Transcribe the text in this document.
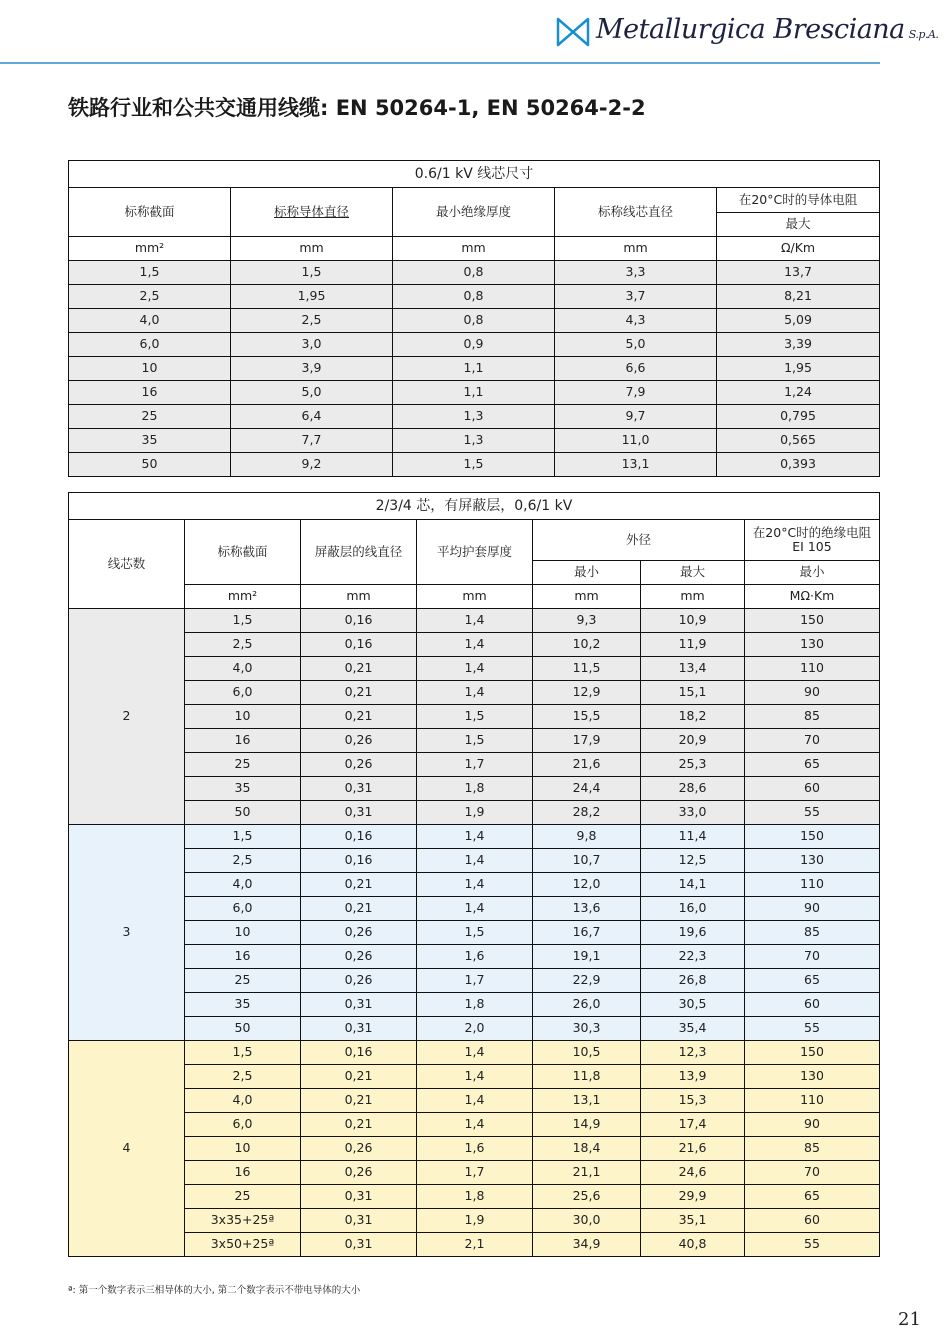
Metallurgica Bresciana S.p.A.
铁路行业和公共交通用线缆: EN 50264-1, EN 50264-2-2
0.6/1 kV 线芯尺寸				
标称截面	标称导体直径	最小绝缘厚度	标称线芯直径	在20°C时的导体电阻
				最大
mm²	mm	mm	mm	Ω/Km
1,5	1,5	0,8	3,3	13,7
2,5	1,95	0,8	3,7	8,21
4,0	2,5	0,8	4,3	5,09
6,0	3,0	0,9	5,0	3,39
10	3,9	1,1	6,6	1,95
16	5,0	1,1	7,9	1,24
25	6,4	1,3	9,7	0,795
35	7,7	1,3	11,0	0,565
50	9,2	1,5	13,1	0,393
2/3/4 芯，有屏蔽层，0,6/1 kV						
线芯数	标称截面	屏蔽层的线直径	平均护套厚度	外径		在20°C时的绝缘电阻
EI 105

				最小	最大	最小
	mm²	mm	mm	mm	mm	MΩ·Km
2	1,5	0,16	1,4	9,3	10,9	150
	2,5	0,16	1,4	10,2	11,9	130
	4,0	0,21	1,4	11,5	13,4	110
	6,0	0,21	1,4	12,9	15,1	90
	10	0,21	1,5	15,5	18,2	85
	16	0,26	1,5	17,9	20,9	70
	25	0,26	1,7	21,6	25,3	65
	35	0,31	1,8	24,4	28,6	60
	50	0,31	1,9	28,2	33,0	55
3	1,5	0,16	1,4	9,8	11,4	150
	2,5	0,16	1,4	10,7	12,5	130
	4,0	0,21	1,4	12,0	14,1	110
	6,0	0,21	1,4	13,6	16,0	90
	10	0,26	1,5	16,7	19,6	85
	16	0,26	1,6	19,1	22,3	70
	25	0,26	1,7	22,9	26,8	65
	35	0,31	1,8	26,0	30,5	60
	50	0,31	2,0	30,3	35,4	55
4	1,5	0,16	1,4	10,5	12,3	150
	2,5	0,21	1,4	11,8	13,9	130
	4,0	0,21	1,4	13,1	15,3	110
	6,0	0,21	1,4	14,9	17,4	90
	10	0,26	1,6	18,4	21,6	85
	16	0,26	1,7	21,1	24,6	70
	25	0,31	1,8	25,6	29,9	65
	3x35+25ª	0,31	1,9	30,0	35,1	60
	3x50+25ª	0,31	2,1	34,9	40,8	55
ª: 第一个数字表示三相导体的大小, 第二个数字表示不带电导体的大小
21
